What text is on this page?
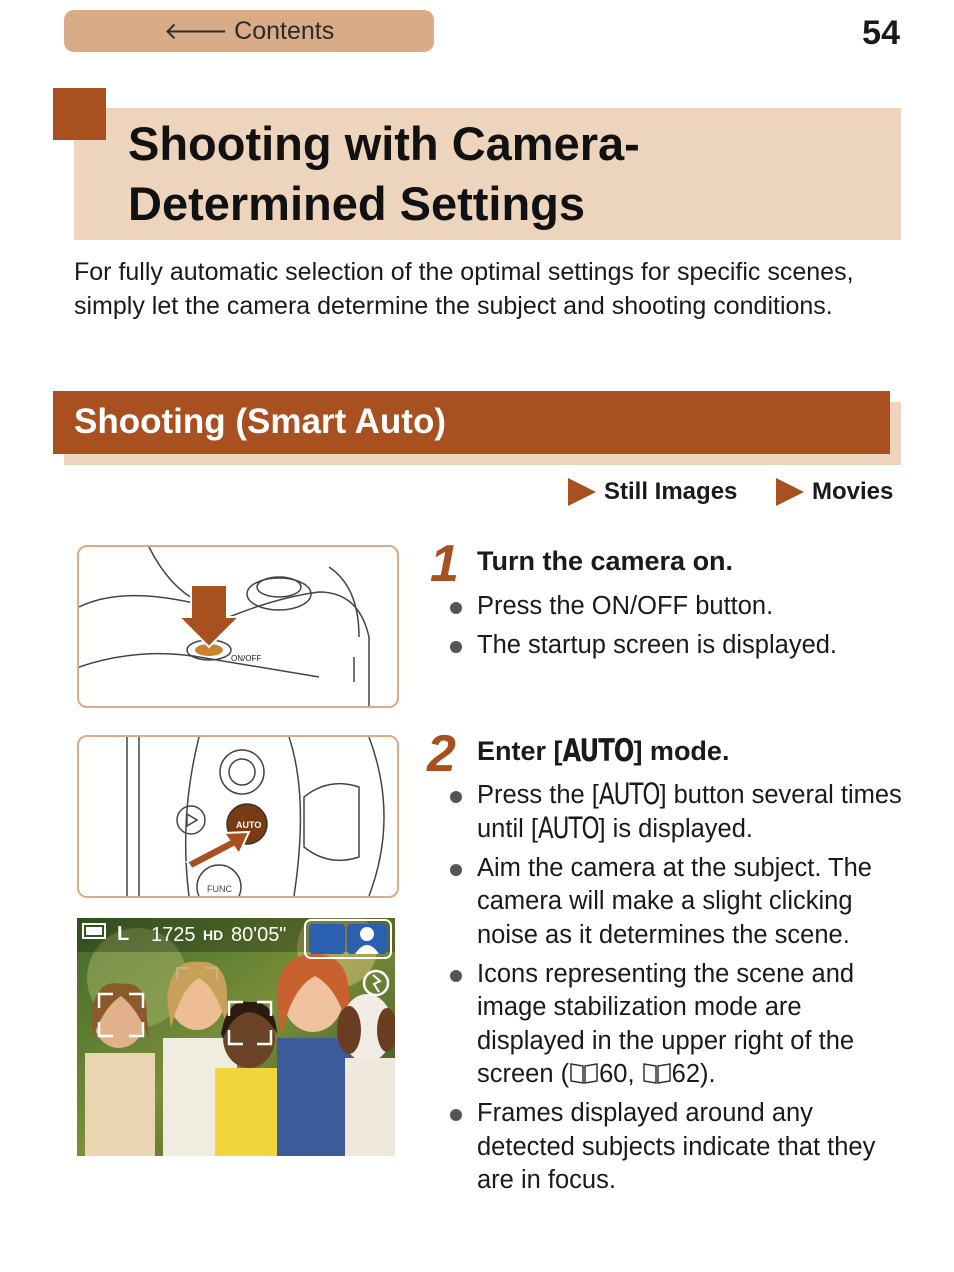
🡐 Contents	54
Shooting with Camera-
Determined Settings
For fully automatic selection of the optimal settings for specific scenes, simply let the camera determine the subject and shooting conditions.
Shooting (Smart Auto)
Still Images	Movies
ON/OFF
AUTO
FUNC
L 1725 HD 80'05"
1 Turn the camera on.
Press the ON/OFF button.
The startup screen is displayed.
2 Enter [AUTO] mode.
Press the [AUTO] button several times until [AUTO] is displayed.
Aim the camera at the subject. The camera will make a slight clicking noise as it determines the scene.
Icons representing the scene and image stabilization mode are displayed in the upper right of the screen ( 60, 62).
Frames displayed around any detected subjects indicate that they are in focus.
